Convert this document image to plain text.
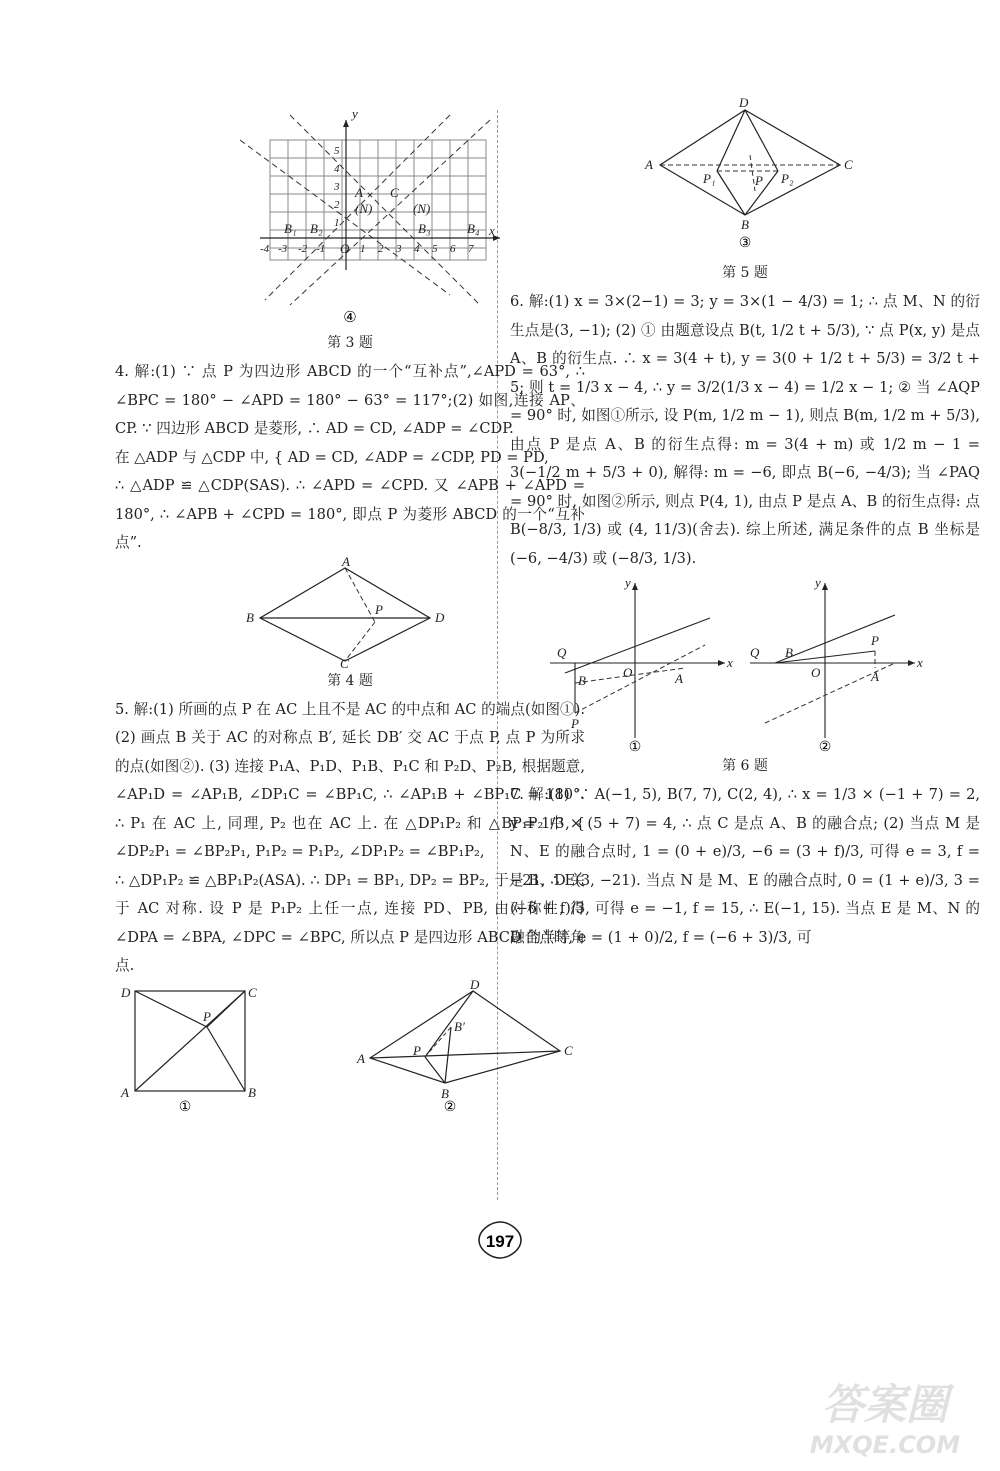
y
x
A C
(N)	(N)
B₁ B₂
O
B₃	B₄
5
4
3
2
1
-4 -3 -2 -1	1 2 3 4 5 6 7
④
第 3 题

4. 解:(1) ∵ 点 P 为四边形 ABCD 的一个“互补点”,∠APD = 63°, ∴ ∠BPC = 180° − ∠APD = 180° − 63° = 117°;(2) 如图,连接 AP、CP. ∵ 四边形 ABCD 是菱形, ∴ AD = CD, ∠ADP = ∠CDP.
在 △ADP 与 △CDP 中, { AD = CD, ∠ADP = ∠CDP, PD = PD,
∴ △ADP ≌ △CDP(SAS). ∴ ∠APD = ∠CPD. 又 ∠APB + ∠APD = 180°, ∴ ∠APB + ∠CPD = 180°, 即点 P 为菱形 ABCD 的一个“互补点”.

A
B
C
D
P
第 4 题

5. 解:(1) 所画的点 P 在 AC 上且不是 AC 的中点和 AC 的端点(如图①). (2) 画点 B 关于 AC 的对称点 B′, 延长 DB′ 交 AC 于点 P, 点 P 为所求的点(如图②). (3) 连接 P₁A、P₁D、P₁B、P₁C 和 P₂D、P₂B, 根据题意, ∠AP₁D = ∠AP₁B, ∠DP₁C = ∠BP₁C, ∴ ∠AP₁B + ∠BP₁C = 180°. ∴ P₁ 在 AC 上, 同理, P₂ 也在 AC 上. 在 △DP₁P₂ 和 △BP₁P₂ 中, { ∠DP₂P₁ = ∠BP₂P₁, P₁P₂ = P₁P₂, ∠DP₁P₂ = ∠BP₁P₂,
∴ △DP₁P₂ ≌ △BP₁P₂(ASA). ∴ DP₁ = BP₁, DP₂ = BP₂, 于是 B、D 关于 AC 对称. 设 P 是 P₁P₂ 上任一点, 连接 PD、PB, 由对称性, 得 ∠DPA = ∠BPA, ∠DPC = ∠BPC, 所以点 P 是四边形 ABCD 的半等角点.

D	C
A	B
P
①
D
A
C
B
P
B′
②
D
A	C
B
P₁	P P₂
③
第 5 题

6. 解:(1) x = 3×(2−1) = 3; y = 3×(1 − 4/3) = 1; ∴ 点 M、N 的衍生点是(3, −1); (2) ① 由题意设点 B(t, 1/2 t + 5/3), ∵ 点 P(x, y) 是点 A、B 的衍生点. ∴ x = 3(4 + t), y = 3(0 + 1/2 t + 5/3) = 3/2 t + 5; 则 t = 1/3 x − 4, ∴ y = 3/2(1/3 x − 4) = 1/2 x − 1; ② 当 ∠AQP = 90° 时, 如图①所示, 设 P(m, 1/2 m − 1), 则点 B(m, 1/2 m + 5/3), 由点 P 是点 A、B 的衍生点得: m = 3(4 + m) 或 1/2 m − 1 = 3(−1/2 m + 5/3 + 0), 解得: m = −6, 即点 B(−6, −4/3); 当 ∠PAQ = 90° 时, 如图②所示, 则点 P(4, 1), 由点 P 是点 A、B 的衍生点得: 点 B(−8/3, 1/3) 或 (4, 11/3)(舍去). 综上所述, 满足条件的点 B 坐标是 (−6, −4/3) 或 (−8/3, 1/3).

y
x
Q
O	A
B
P
y
x
Q B
O
P
A
①	②
第 6 题

7. 解:(1) ∵ A(−1, 5), B(7, 7), C(2, 4), ∴ x = 1/3 × (−1 + 7) = 2, y = 1/3 × (5 + 7) = 4, ∴ 点 C 是点 A、B 的融合点; (2) 当点 M 是 N、E 的融合点时, 1 = (0 + e)/3, −6 = (3 + f)/3, 可得 e = 3, f = −21, ∴ E(3, −21). 当点 N 是 M、E 的融合点时, 0 = (1 + e)/3, 3 = (−6 + f)/3, 可得 e = −1, f = 15, ∴ E(−1, 15). 当点 E 是 M、N 的融合点时, e = (1 + 0)/2, f = (−6 + 3)/3, 可

197
答案圈
MXQE.COM
